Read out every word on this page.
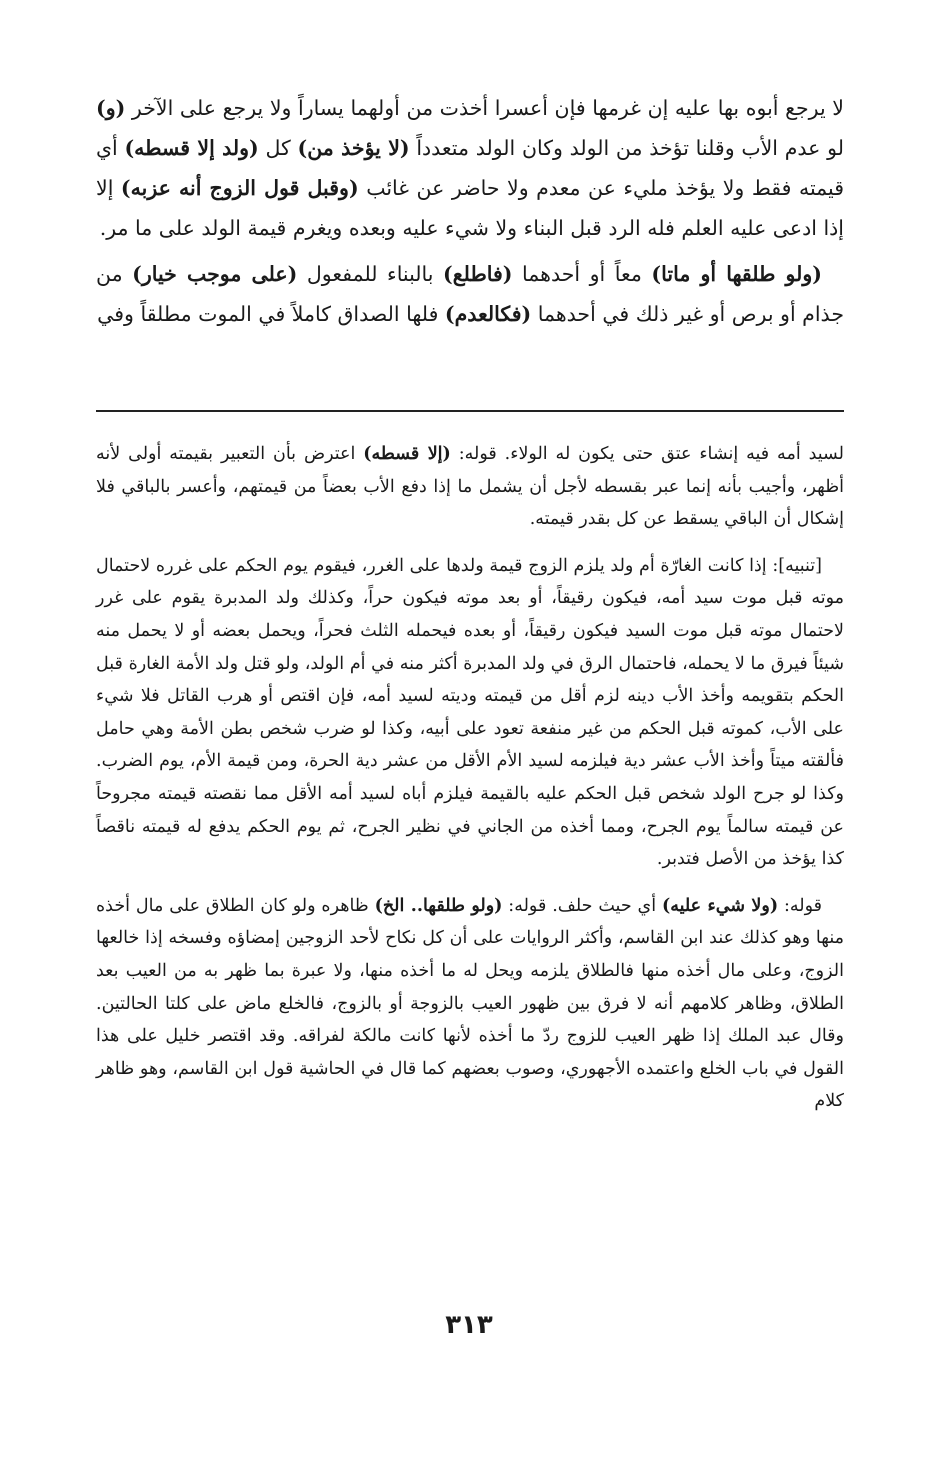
لا يرجع أبوه بها عليه إن غرمها فإن أعسرا أخذت من أولهما يساراً ولا يرجع على الآخر (و) لو عدم الأب وقلنا تؤخذ من الولد وكان الولد متعدداً (لا يؤخذ من) كل (ولد إلا قسطه) أي قيمته فقط ولا يؤخذ مليء عن معدم ولا حاضر عن غائب (وقبل قول الزوج أنه عزبه) إلا إذا ادعى عليه العلم فله الرد قبل البناء ولا شيء عليه وبعده ويغرم قيمة الولد على ما مر.

(ولو طلقها أو ماتا) معاً أو أحدهما (فاطلع) بالبناء للمفعول (على موجب خيار) من جذام أو برص أو غير ذلك في أحدهما (فكالعدم) فلها الصداق كاملاً في الموت مطلقاً وفي

لسيد أمه فيه إنشاء عتق حتى يكون له الولاء. قوله: (إلا قسطه) اعترض بأن التعبير بقيمته أولى لأنه أظهر، وأجيب بأنه إنما عبر بقسطه لأجل أن يشمل ما إذا دفع الأب بعضاً من قيمتهم، وأعسر بالباقي فلا إشكال أن الباقي يسقط عن كل بقدر قيمته.

[تنبيه]: إذا كانت الغارّة أم ولد يلزم الزوج قيمة ولدها على الغرر، فيقوم يوم الحكم على غرره لاحتمال موته قبل موت سيد أمه، فيكون رقيقاً، أو بعد موته فيكون حراً، وكذلك ولد المدبرة يقوم على غرر لاحتمال موته قبل موت السيد فيكون رقيقاً، أو بعده فيحمله الثلث فحراً، ويحمل بعضه أو لا يحمل منه شيئاً فيرق ما لا يحمله، فاحتمال الرق في ولد المدبرة أكثر منه في أم الولد، ولو قتل ولد الأمة الغارة قبل الحكم بتقويمه وأخذ الأب دينه لزم أقل من قيمته وديته لسيد أمه، فإن اقتص أو هرب القاتل فلا شيء على الأب، كموته قبل الحكم من غير منفعة تعود على أبيه، وكذا لو ضرب شخص بطن الأمة وهي حامل فألقته ميتاً وأخذ الأب عشر دية فيلزمه لسيد الأم الأقل من عشر دية الحرة، ومن قيمة الأم، يوم الضرب. وكذا لو جرح الولد شخص قبل الحكم عليه بالقيمة فيلزم أباه لسيد أمه الأقل مما نقصته قيمته مجروحاً عن قيمته سالماً يوم الجرح، ومما أخذه من الجاني في نظير الجرح، ثم يوم الحكم يدفع له قيمته ناقصاً كذا يؤخذ من الأصل فتدبر.

قوله: (ولا شيء عليه) أي حيث حلف. قوله: (ولو طلقها.. الخ) ظاهره ولو كان الطلاق على مال أخذه منها وهو كذلك عند ابن القاسم، وأكثر الروايات على أن كل نكاح لأحد الزوجين إمضاؤه وفسخه إذا خالعها الزوج، وعلى مال أخذه منها فالطلاق يلزمه ويحل له ما أخذه منها، ولا عبرة بما ظهر به من العيب بعد الطلاق، وظاهر كلامهم أنه لا فرق بين ظهور العيب بالزوجة أو بالزوج، فالخلع ماض على كلتا الحالتين. وقال عبد الملك إذا ظهر العيب للزوج ردّ ما أخذه لأنها كانت مالكة لفراقه. وقد اقتصر خليل على هذا القول في باب الخلع واعتمده الأجهوري، وصوب بعضهم كما قال في الحاشية قول ابن القاسم، وهو ظاهر كلام

٣١٣
